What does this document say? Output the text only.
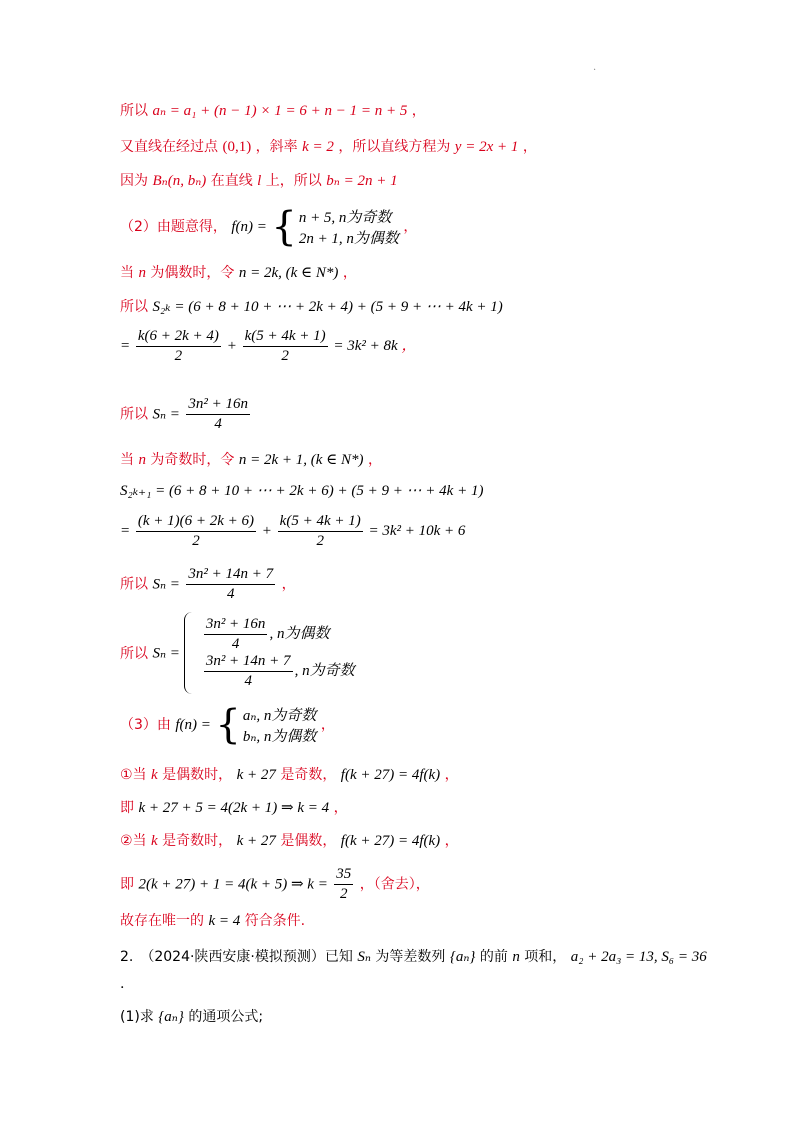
.
所以 aₙ = a₁ + (n − 1) × 1 = 6 + n − 1 = n + 5 ，
又直线在经过点 (0,1) ，斜率 k = 2 ，所以直线方程为 y = 2x + 1 ，
因为 Bₙ(n, bₙ) 在直线 l 上，所以 bₙ = 2n + 1
（2）由题意得， f(n) = { n + 5, n为奇数
2n + 1, n为偶数
，
当 n 为偶数时，令 n = 2k, (k ∈ N*) ，
所以 S₂ₖ = (6 + 8 + 10 + ⋯ + 2k + 4) + (5 + 9 + ⋯ + 4k + 1)
= $\frac{k(6 + 2k + 4)}{2} + \frac{k(5 + 4k + 1)}{2} = 3k^2 + 8k$ ，
所以 $S_n = \frac{\text{3n² + 16n}}{4}$
当 n 为奇数时，令 n = 2k + 1, (k ∈ N*) ，
S₂ₖ₊₁ = (6 + 8 + 10 + ⋯ + 2k + 6) + (5 + 9 + ⋯ + 4k + 1)
= $\frac{(k + 1)(6 + 2k + 6)}{2} + \frac{k(5 + 4k + 1)}{2} = 3k^2 + 10k + 6$
所以 $S_n = \frac{\text{3n² + 14n + 7}}{4}$ ，
所以 Sₙ =
$\frac{\text{3n² + 16n}}{4}$ , n为偶数
$\frac{\text{3n² + 14n + 7}}{4}$ , n为奇数
（3）由 f(n) = { aₙ, n为奇数
bₙ, n为偶数
，
①当 k 是偶数时， k + 27 是奇数， f(k + 27) = 4f(k) ，
即 k + 27 + 5 = 4(2k + 1) ⇒ k = 4 ，
②当 k 是奇数时， k + 27 是偶数， f(k + 27) = 4f(k) ，
即 2(k + 27) + 1 = 4(k + 5) ⇒ $k = \frac{35}{2}$ ，（舍去），
故存在唯一的 k = 4 符合条件.
2.　（2024·陕西安康·模拟预测）已知 Sₙ 为等差数列 {aₙ} 的前 n 项和， a₂ + 2a₃ = 13, S₆ = 36
.
(1)求 {aₙ} 的通项公式;
